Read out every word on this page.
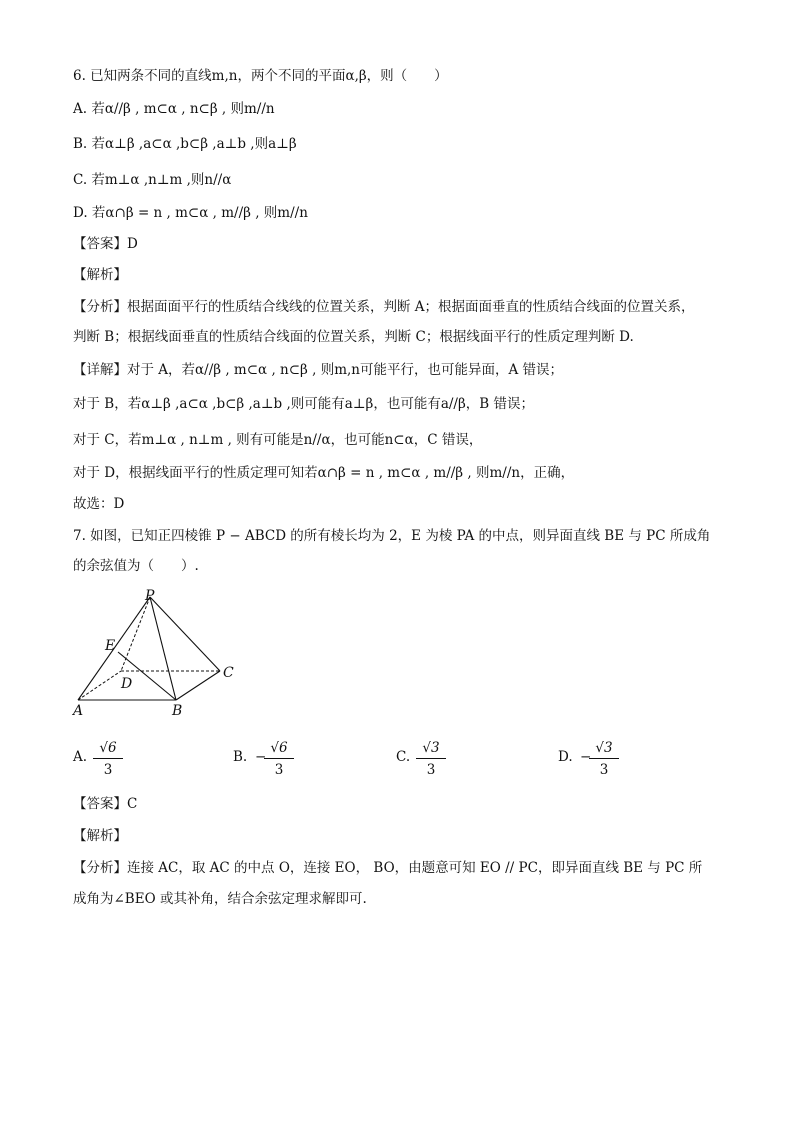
6. 已知两条不同的直线m,n，两个不同的平面α,β，则（　　）
A. 若α//β , m⊂α , n⊂β , 则m//n
B. 若α⊥β ,a⊂α ,b⊂β ,a⊥b ,则a⊥β
C. 若m⊥α ,n⊥m ,则n//α
D. 若α∩β = n , m⊂α , m//β , 则m//n
【答案】D
【解析】
【分析】根据面面平行的性质结合线线的位置关系，判断 A；根据面面垂直的性质结合线面的位置关系，
判断 B；根据线面垂直的性质结合线面的位置关系，判断 C；根据线面平行的性质定理判断 D.
【详解】对于 A，若α//β , m⊂α , n⊂β , 则m,n可能平行，也可能异面，A 错误；
对于 B，若α⊥β ,a⊂α ,b⊂β ,a⊥b ,则可能有a⊥β，也可能有a//β，B 错误；
对于 C，若m⊥α , n⊥m , 则有可能是n//α，也可能n⊂α，C 错误，
对于 D，根据线面平行的性质定理可知若α∩β = n , m⊂α , m//β , 则m//n，正确，
故选：D
7. 如图，已知正四棱锥 P − ABCD 的所有棱长均为 2，E 为棱 PA 的中点，则异面直线 BE 与 PC 所成角
的余弦值为（　　）.
P
E
D
C
A	B
A. $\frac{√6}{3}$	B. −
$\frac{√6}{3}$	C. $\frac{√3}{3}$	D. −
$\frac{√3}{3}$
【答案】C
【解析】
【分析】连接 AC，取 AC 的中点 O，连接 EO， BO，由题意可知 EO // PC，即异面直线 BE 与 PC 所
成角为∠BEO 或其补角，结合余弦定理求解即可.
